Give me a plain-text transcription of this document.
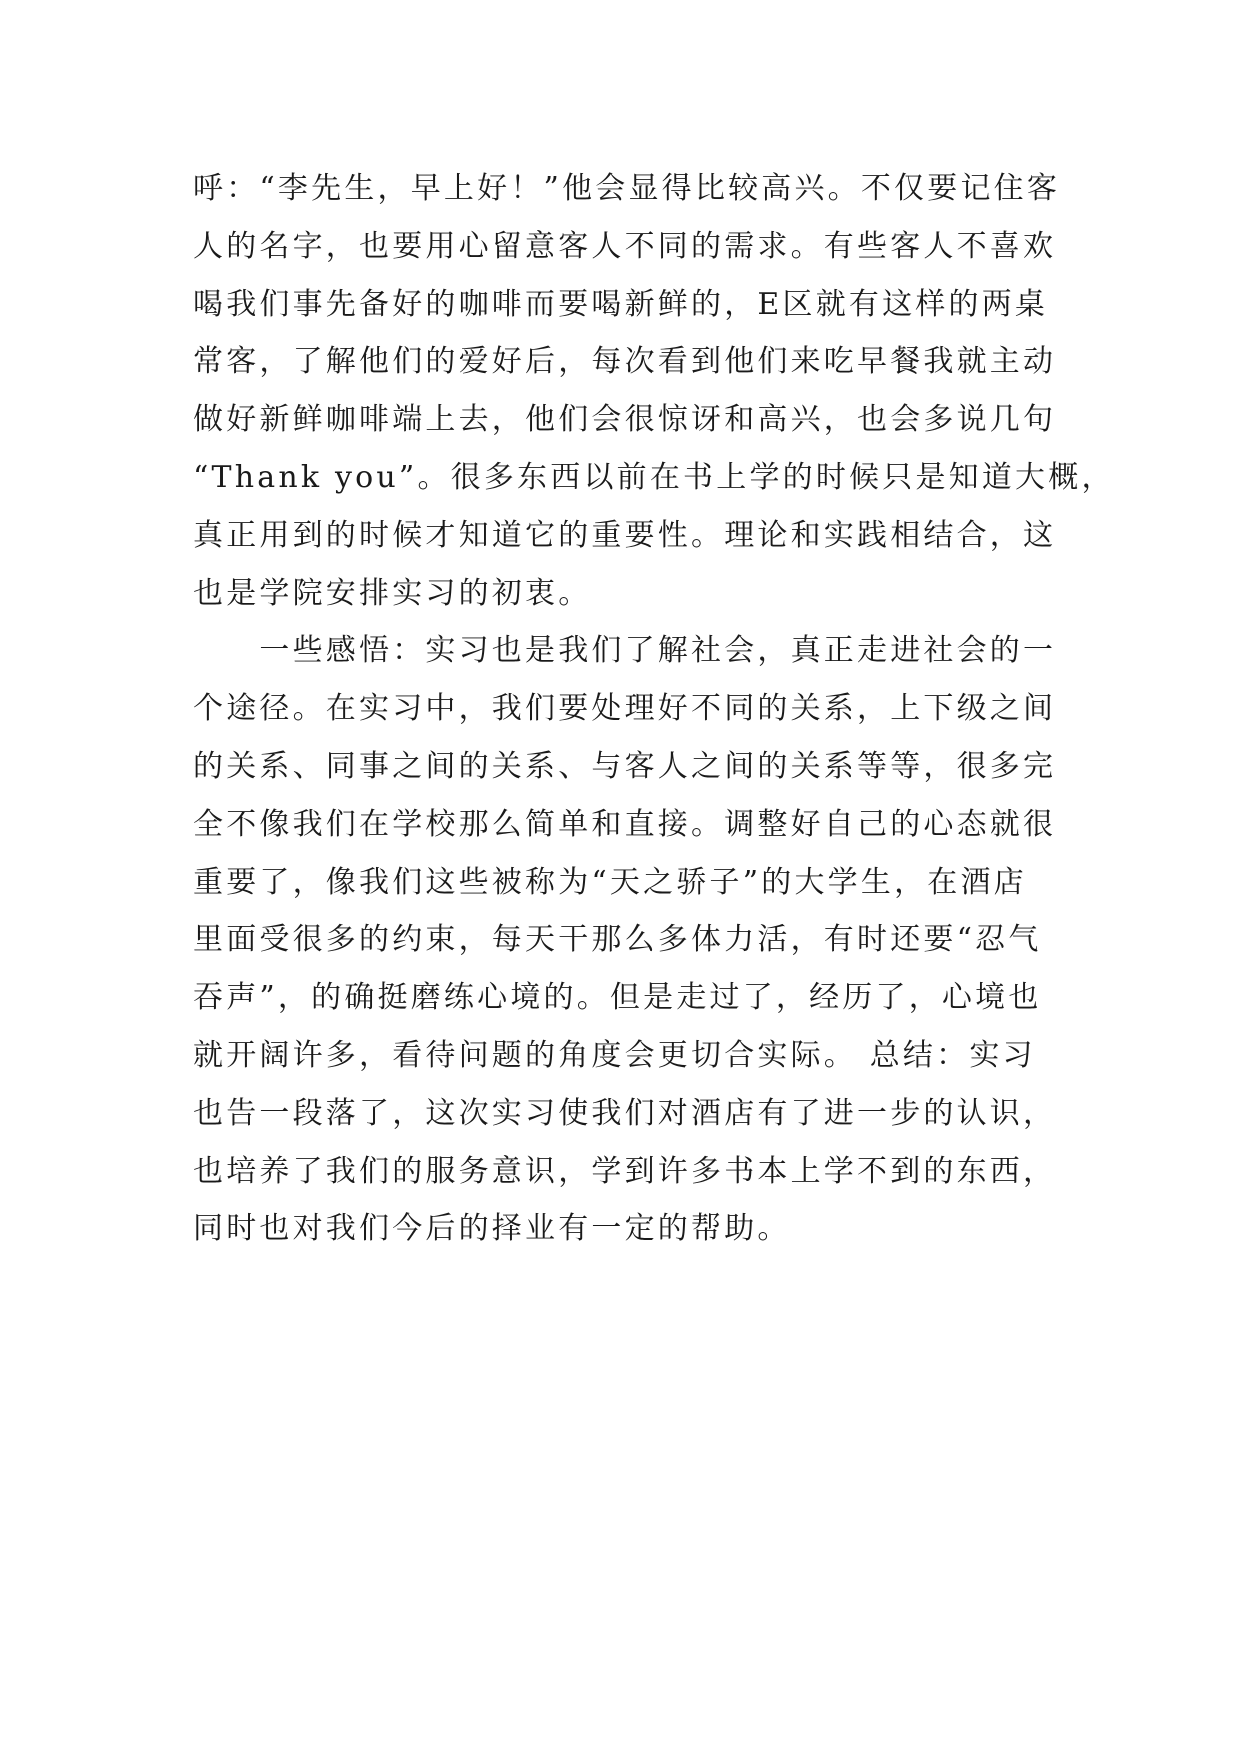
呼：“李先生，早上好！”他会显得比较高兴。不仅要记住客
人的名字，也要用心留意客人不同的需求。有些客人不喜欢
喝我们事先备好的咖啡而要喝新鲜的，E区就有这样的两桌
常客，了解他们的爱好后，每次看到他们来吃早餐我就主动
做好新鲜咖啡端上去，他们会很惊讶和高兴，也会多说几句
“Thank you”。很多东西以前在书上学的时候只是知道大概，
真正用到的时候才知道它的重要性。理论和实践相结合，这
也是学院安排实习的初衷。
　　一些感悟：实习也是我们了解社会，真正走进社会的一
个途径。在实习中，我们要处理好不同的关系，上下级之间
的关系、同事之间的关系、与客人之间的关系等等，很多完
全不像我们在学校那么简单和直接。调整好自己的心态就很
重要了，像我们这些被称为“天之骄子”的大学生，在酒店
里面受很多的约束，每天干那么多体力活，有时还要“忍气
吞声”，的确挺磨练心境的。但是走过了，经历了，心境也
就开阔许多，看待问题的角度会更切合实际。 总结：实习
也告一段落了，这次实习使我们对酒店有了进一步的认识，
也培养了我们的服务意识，学到许多书本上学不到的东西，
同时也对我们今后的择业有一定的帮助。
